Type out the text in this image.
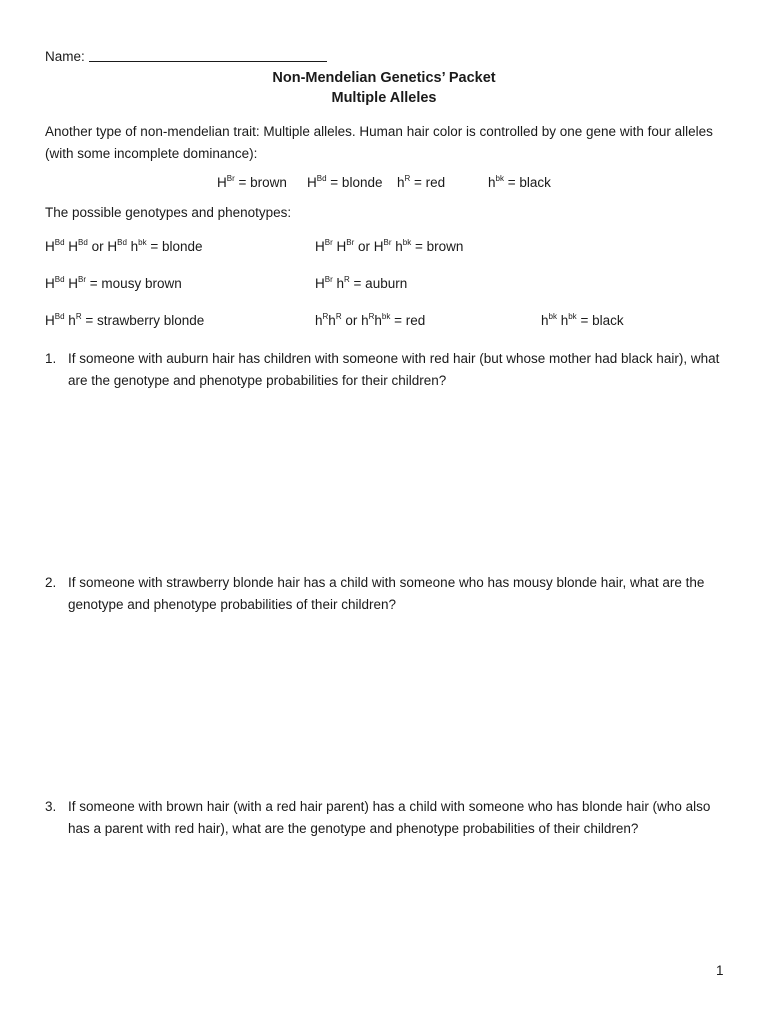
Name:
Non-Mendelian Genetics’ Packet
Multiple Alleles
Another type of non-mendelian trait: Multiple alleles. Human hair color is controlled by one gene with four alleles (with some incomplete dominance):
$H^{Br}$ = brown $H^{Bd}$ = blonde $h^R$ = red	$h^{bk}$ = black
The possible genotypes and phenotypes:
$H^{Bd}$ $H^{Bd}$ or $H^{Bd}$ $h^{bk}$ = blonde	$H^{Br}$ $H^{Br}$ or $H^{Br}$ $h^{bk}$ = brown
$H^{Bd}$ $H^{Br}$ = mousy brown	$H^{Br}$ $h^R$ = auburn
$H^{Bd}$ $h^R$ = strawberry blonde	$h^Rh^R$ or $h^Rh^{bk}$ = red	$h^{bk}$ $h^{bk}$ = black
1. If someone with auburn hair has children with someone with red hair (but whose mother had black hair), what are the genotype and phenotype probabilities for their children?
2. If someone with strawberry blonde hair has a child with someone who has mousy blonde hair, what are the genotype and phenotype probabilities of their children?
3. If someone with brown hair (with a red hair parent) has a child with someone who has blonde hair (who also has a parent with red hair), what are the genotype and phenotype probabilities of their children?
1
